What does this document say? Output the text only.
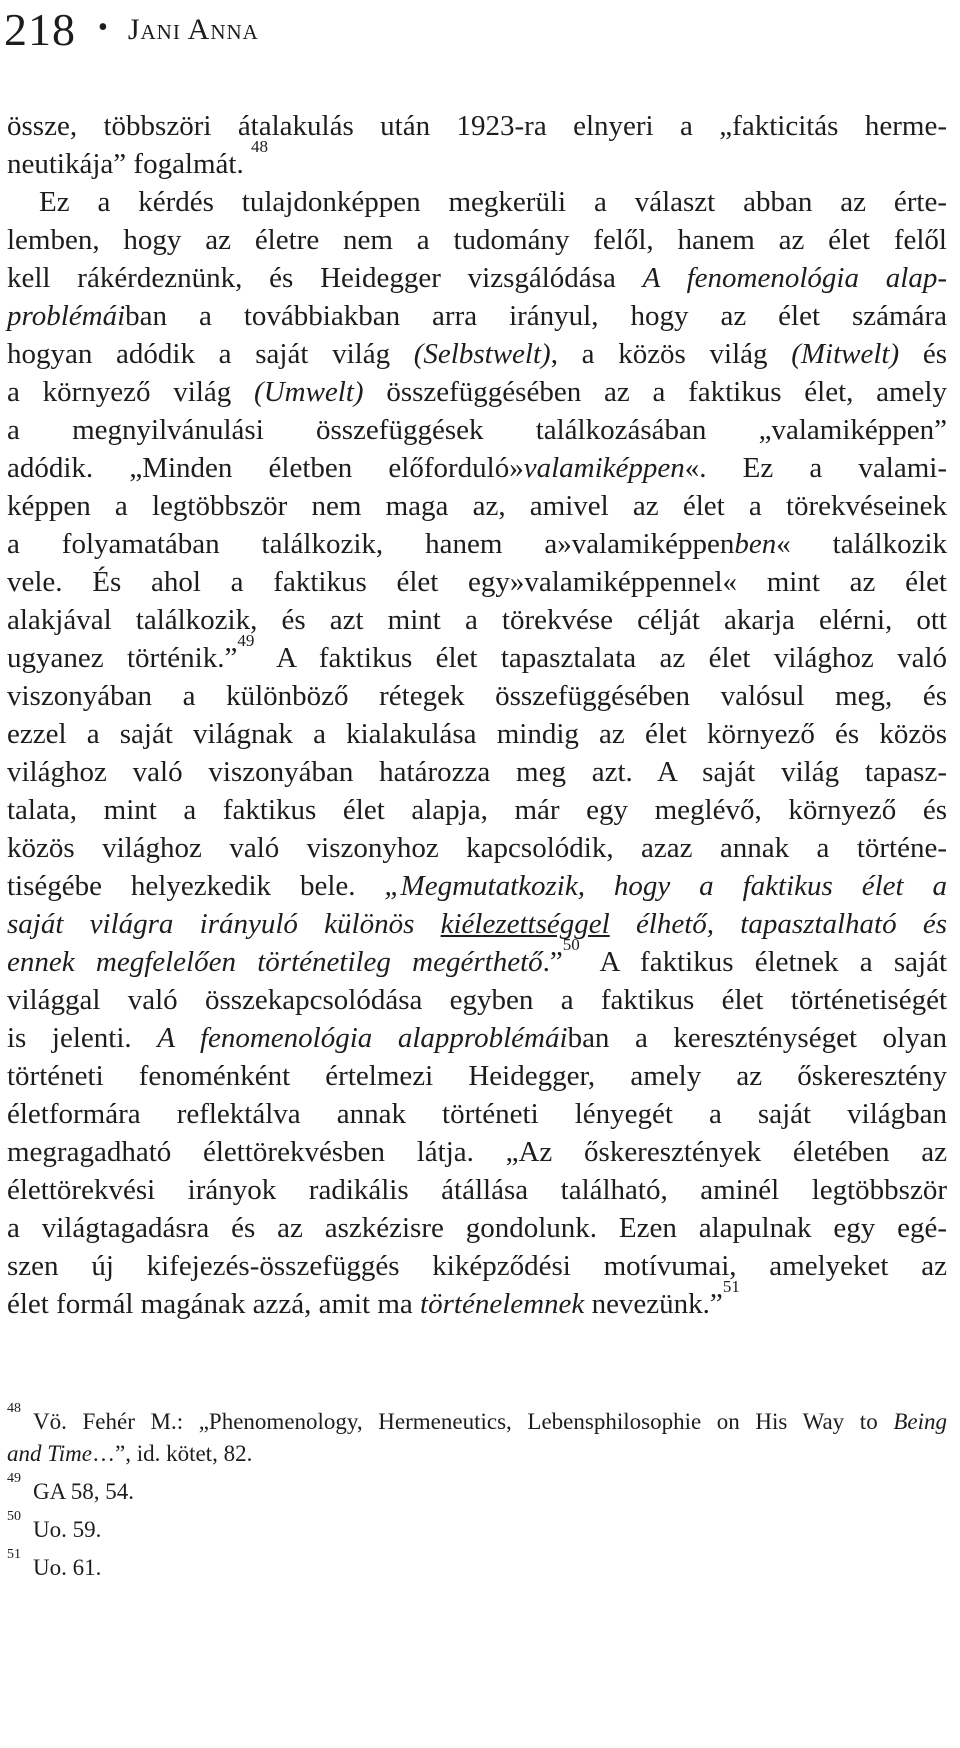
218 • Jani Anna
összе, többszöri átalakulás után 1923-ra elnyeri a „fakticitás herme-
neutikája” fogalmát. $^{48}$
Ez a kérdés tulajdonképpen megkerüli a választ abban az érte-
lemben, hogy az életre nem a tudomány felől, hanem az élet felől
kell rákérdeznünk, és Heidegger vizsgálódása A fenomenológia alap-
problémáiban a továbbiakban arra irányul, hogy az élet számára
hogyan adódik a saját világ (Selbstwelt), a közös világ (Mitwelt) és
a környező világ (Umwelt) összefüggésében az a faktikus élet, amely
a megnyilvánulási összefüggések találkozásában „valamiképpen”
adódik. „Minden életben előforduló»valamiképpen«. Ez a valami-
képpen a legtöbbször nem maga az, amivel az élet a törekvéseinek
a folyamatában találkozik, hanem a»valamiképpenben« találkozik
vele. És ahol a faktikus élet egy»valamiképpennel« mint az élet
alakjával találkozik, és azt mint a törekvése célját akarja elérni, ott
ugyanez történik.”$^{49}$ A faktikus élet tapasztalata az élet világhoz való
viszonyában a különböző rétegek összefüggésében valósul meg, és
ezzel a saját világnak a kialakulása mindig az élet környező és közös
világhoz való viszonyában határozza meg azt. A saját világ tapasz-
talata, mint a faktikus élet alapja, már egy meglévő, környező és
közös világhoz való viszonyhoz kapcsolódik, azaz annak a történe-
tiségébe helyezkedik bele. „Megmutatkozik, hogy a faktikus élet a
saját világra irányuló különös kiélezettséggel élhető, tapasztalható és
ennek megfelelően történetileg megérthető.”$^{50}$ A faktikus életnek a saját
világgal való összekapcsolódása egyben a faktikus élet történetiségét
is jelenti. A fenomenológia alapproblémáiban a kereszténységet olyan
történeti fenoménként értelmezi Heidegger, amely az őskereszténу
életformára reflektálva annak történeti lényegét a saját világban
megragadható élettörekvésben látja. „Az őskeresztények életében az
élettörekvési irányok radikális átállása található, aminél legtöbbször
a világtagadásra és az aszkézisre gondolunk. Ezen alapulnak egy egé-
szen új kifejezés-összefüggés kiképződési motívumai, amelyeket az
élet formál magának azzá, amit ma történelemnek nevezünk.”$^{51}$
$^{48}$Vö. Fehér M.: „Phenomenology, Hermeneutics, Lebensphilosophie on His Way to Being
and Time…”, id. kötet, 82.
$^{49}$GA 58, 54.
$^{50}$Uo. 59.
$^{51}$Uo. 61.
